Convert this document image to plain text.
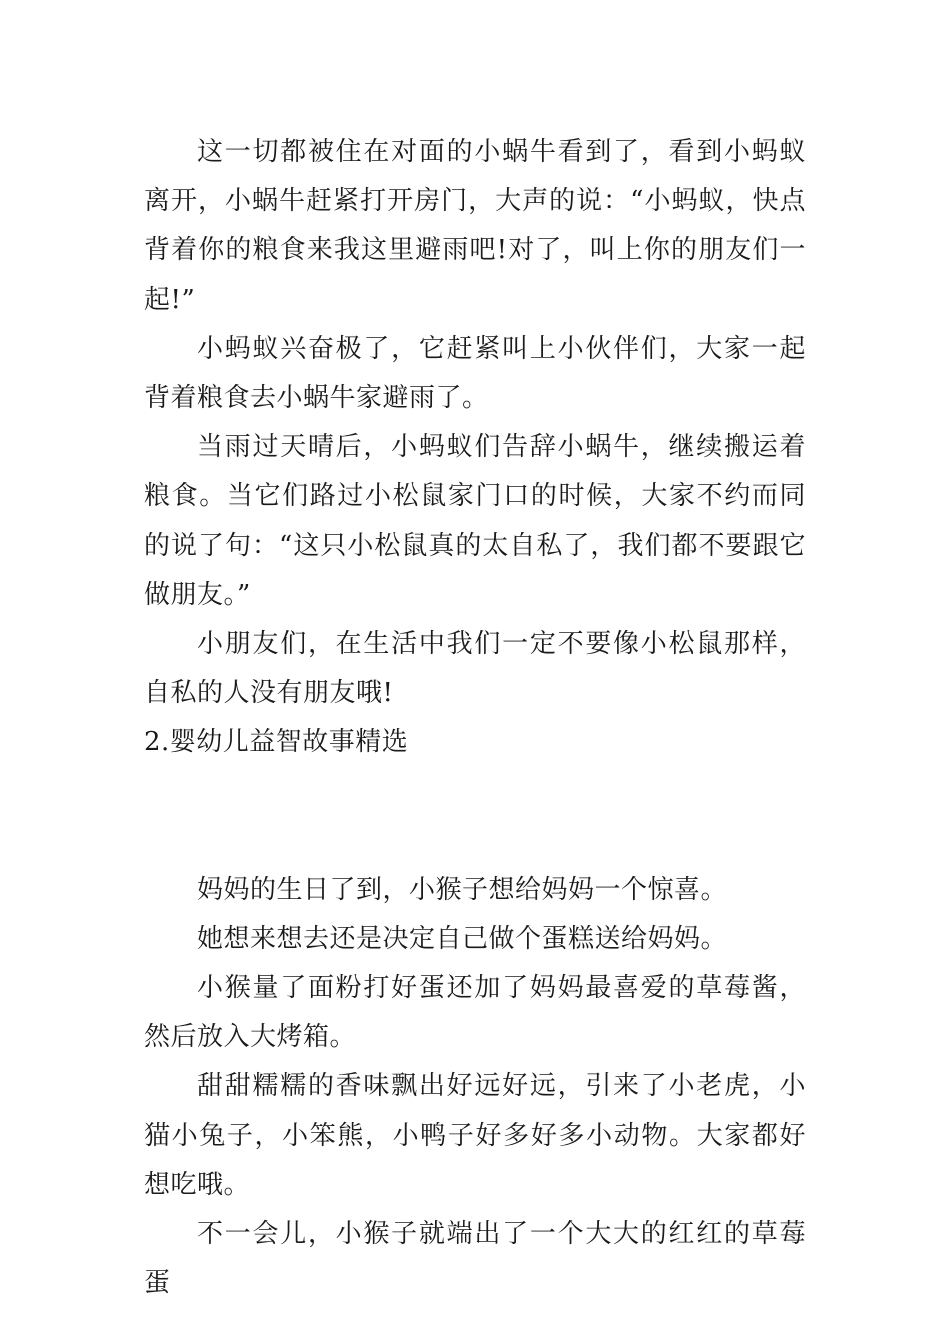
这一切都被住在对面的小蜗牛看到了，看到小蚂蚁离开，小蜗牛赶紧打开房门，大声的说：“小蚂蚁，快点背着你的粮食来我这里避雨吧!对了，叫上你的朋友们一起!”

小蚂蚁兴奋极了，它赶紧叫上小伙伴们，大家一起背着粮食去小蜗牛家避雨了。

当雨过天晴后，小蚂蚁们告辞小蜗牛，继续搬运着粮食。当它们路过小松鼠家门口的时候，大家不约而同的说了句：“这只小松鼠真的太自私了，我们都不要跟它做朋友。”

小朋友们，在生活中我们一定不要像小松鼠那样，自私的人没有朋友哦!

2.婴幼儿益智故事精选

妈妈的生日了到，小猴子想给妈妈一个惊喜。

她想来想去还是决定自己做个蛋糕送给妈妈。

小猴量了面粉打好蛋还加了妈妈最喜爱的草莓酱，然后放入大烤箱。

甜甜糯糯的香味飘出好远好远，引来了小老虎，小猫小兔子，小笨熊，小鸭子好多好多小动物。大家都好想吃哦。

不一会儿，小猴子就端出了一个大大的红红的草莓蛋
